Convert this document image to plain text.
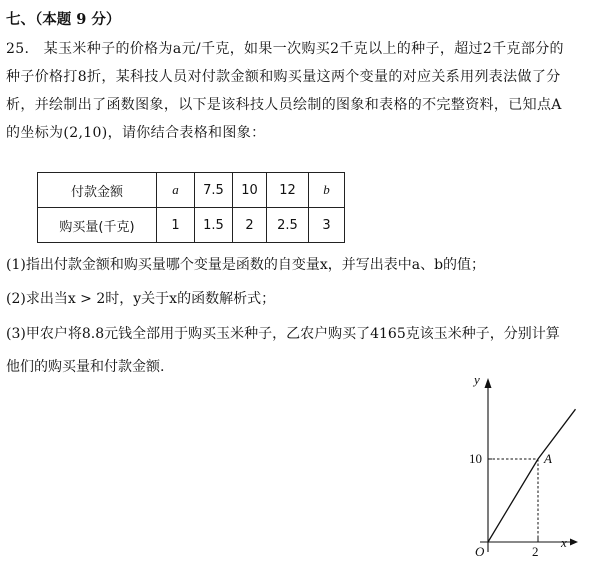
七、（本题 9 分）
25. 某玉米种子的价格为a元/千克，如果一次购买2千克以上的种子，超过2千克部分的
种子价格打8折，某科技人员对付款金额和购买量这两个变量的对应关系用列表法做了分
析，并绘制出了函数图象，以下是该科技人员绘制的图象和表格的不完整资料，已知点A
的坐标为(2,10)，请你结合表格和图象：
付款金额	a	7.5	10	12	b
购买量(千克)	1	1.5	2	2.5	3
(1)指出付款金额和购买量哪个变量是函数的自变量x，并写出表中a、b的值；
(2)求出当x > 2时，y关于x的函数解析式；
(3)甲农户将8.8元钱全部用于购买玉米种子，乙农户购买了4165克该玉米种子，分别计算
他们的购买量和付款金额.
x
y
O	2
10	A
